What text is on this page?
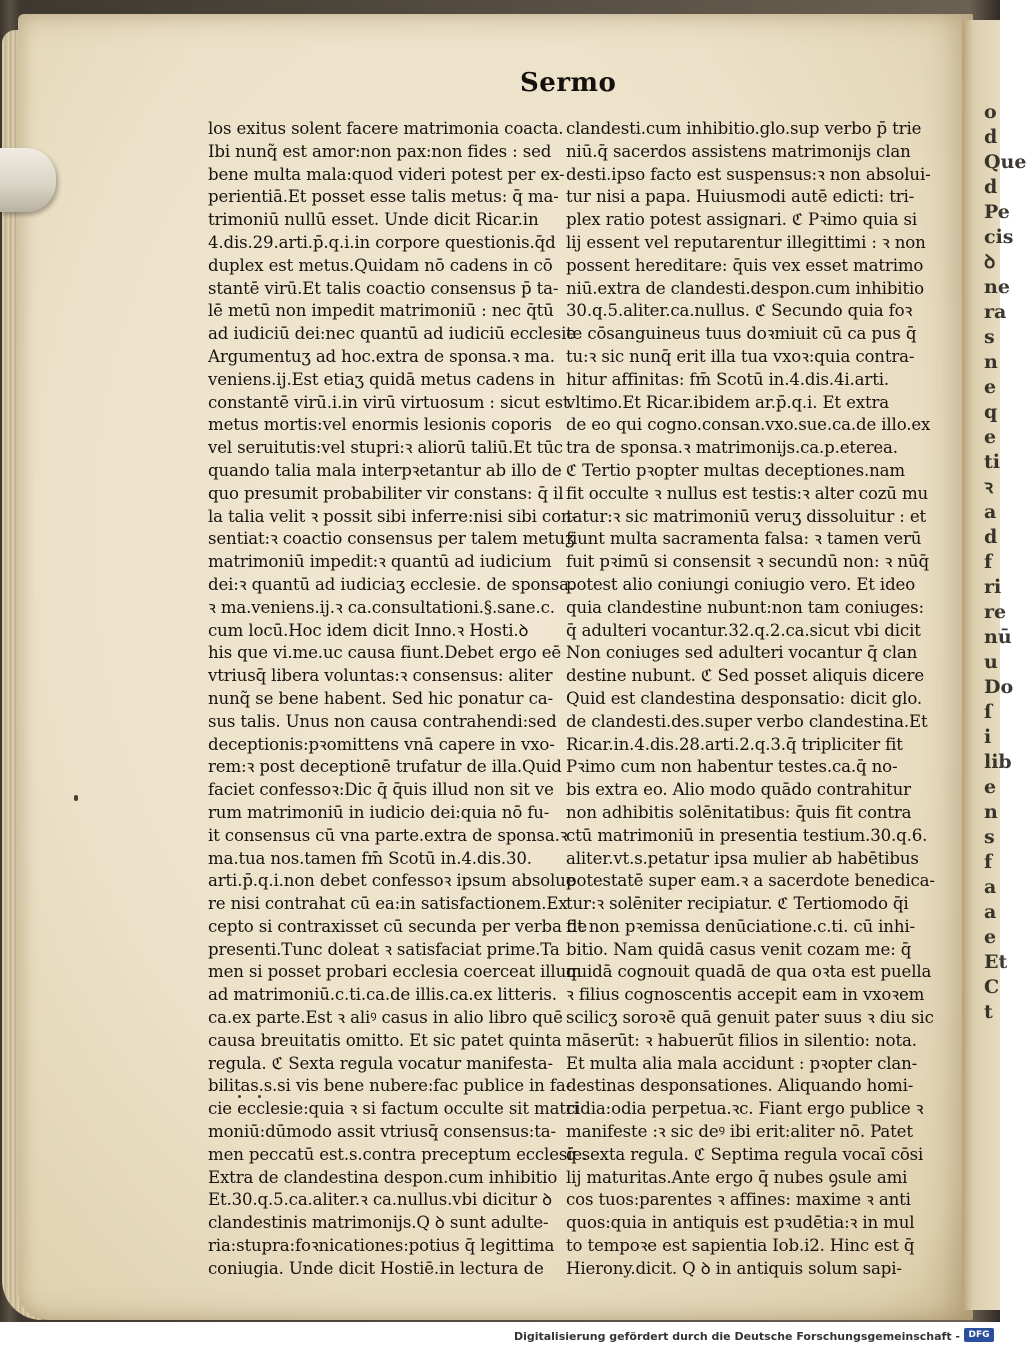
o
d
Que
d
Pe
cis
ꝺ
ne
ra
s
n
e
q
e
ti
ꝛ
a
d
f
ri
re
nū
u
Do
ſ
i
lib
e
n
s
f
a
a
e
Et
C
t
Sermo
los exitus solent facere matrimonia coacta.
Ibi nunq̃ est amor:non pax:non fides : sed
bene multa mala:quod videri potest per ex-
perientiā.Et posset esse talis metus: q̄ ma-
trimoniū nullū esset. Unde dicit Ricar.in
4.dis.29.arti.p̄.q.i.in corpore questionis.q̄d
duplex est metus.Quidam nō cadens in cō
stantē virū.Et talis coactio consensus p̄ ta-
lē metū non impedit matrimoniū : nec q̄tū
ad iudiciū dei:nec quantū ad iudiciū ecclesie
Argumentuʒ ad hoc.extra de sponsa.ꝛ ma.
veniens.ij.Est etiaʒ quidā metus cadens in
constantē virū.i.in virū virtuosum : sicut est
metus mortis:vel enormis lesionis coporis
vel seruitutis:vel stupri:ꝛ aliorū taliū.Et tūc
quando talia mala interpꝛetantur ab illo de
quo presumit probabiliter vir constans: q̄ il
la talia velit ꝛ possit sibi inferre:nisi sibi con-
sentiat:ꝛ coactio consensus per talem metuʒ
matrimoniū impedit:ꝛ quantū ad iudicium
dei:ꝛ quantū ad iudiciaʒ ecclesie. de sponsa.
ꝛ ma.veniens.ij.ꝛ ca.consultationi.§.sane.c.
cum locū.Hoc idem dicit Inno.ꝛ Hosti.ꝺ
his que vi.me.uc causa fiunt.Debet ergo eē
vtriusq̄ libera voluntas:ꝛ consensus: aliter
nunq̃ se bene habent. Sed hic ponatur ca-
sus talis. Unus non causa contrahendi:sed
deceptionis:pꝛomittens vnā capere in vxo-
rem:ꝛ post deceptionē trufatur de illa.Quid
faciet confessoꝛ:Dic q̄ q̄uis illud non sit ve
rum matrimoniū in iudicio dei:quia nō fu-
it consensus cū vna parte.extra de sponsa.ꝛ
ma.tua nos.tamen fm̄ Scotū in.4.dis.30.
arti.p̄.q.i.non debet confessoꝛ ipsum absolue
re nisi contrahat cū ea:in satisfactionem.Ex
cepto si contraxisset cū secunda per verba de
presenti.Tunc doleat ꝛ satisfaciat prime.Ta
men si posset probari ecclesia coerceat illum
ad matrimoniū.c.ti.ca.de illis.ca.ex litteris.
ca.ex parte.Est ꝛ aliꝰ casus in alio libro quē
causa breuitatis omitto. Et sic patet quinta
regula. ℭ Sexta regula vocatur manifesta-
bilitas.s.si vis bene nubere:fac publice in fa-
cie ecclesie:quia ꝛ si factum occulte sit matri
moniū:dūmodo assit vtriusq̄ consensus:ta-
men peccatū est.s.contra preceptum ecclesie.
Extra de clandestina despon.cum inhibitio
Et.30.q.5.ca.aliter.ꝛ ca.nullus.vbi dicitur ꝺ
clandestinis matrimonijs.Q ꝺ sunt adulte-
ria:stupra:foꝛnicationes:potius q̄ legittima
coniugia. Unde dicit Hostiē.in lectura de
clandesti.cum inhibitio.glo.sup verbo p̄ trie
niū.q̄ sacerdos assistens matrimonijs clan
desti.ipso facto est suspensus:ꝛ non absolui-
tur nisi a papa. Huiusmodi autē edicti: tri-
plex ratio potest assignari. ℭ Pꝛimo quia si
lij essent vel reputarentur illegittimi : ꝛ non
possent hereditare: q̄uis vex esset matrimo
niū.extra de clandesti.despon.cum inhibitio
30.q.5.aliter.ca.nullus. ℭ Secundo quia foꝛ
te cōsanguineus tuus doꝛmiuit cū ca pus q̄
tu:ꝛ sic nunq̄ erit illa tua vxoꝛ:quia contra-
hitur affinitas: fm̄ Scotū in.4.dis.4i.arti.
vltimo.Et Ricar.ibidem ar.p̄.q.i. Et extra
de eo qui cogno.consan.vxo.sue.ca.de illo.ex
tra de sponsa.ꝛ matrimonijs.ca.p.eterea.
ℭ Tertio pꝛopter multas deceptiones.nam
fit occulte ꝛ nullus est testis:ꝛ alter cozū mu
tatur:ꝛ sic matrimoniū veruʒ dissoluitur : et
fiunt multa sacramenta falsa: ꝛ tamen verū
fuit pꝛimū si consensit ꝛ secundū non: ꝛ nūq̄
potest alio coniungi coniugio vero. Et ideo
quia clandestine nubunt:non tam coniuges:
q̄ adulteri vocantur.32.q.2.ca.sicut vbi dicit
Non coniuges sed adulteri vocantur q̄ clan
destine nubunt. ℭ Sed posset aliquis dicere
Quid est clandestina desponsatio: dicit glo.
de clandesti.des.super verbo clandestina.Et
Ricar.in.4.dis.28.arti.2.q.3.q̄ tripliciter fit
Pꝛimo cum non habentur testes.ca.q̄ no-
bis extra eo. Alio modo quādo contrahitur
non adhibitis solēnitatibus: q̄uis fit contra
ctū matrimoniū in presentia testium.30.q.6.
aliter.vt.s.petatur ipsa mulier ab habētibus
potestatē super eam.ꝛ a sacerdote benedica-
tur:ꝛ solēniter recipiatur. ℭ Tertiomodo q̄i
fit non pꝛemissa denūciatione.c.ti. cū inhi-
bitio. Nam quidā casus venit cozam me: q̄
quidā cognouit quadā de qua oꝛta est puella
ꝛ filius cognoscentis accepit eam in vxoꝛem
scilicʒ soroꝛē quā genuit pater suus ꝛ diu sic
māserūt: ꝛ habuerūt filios in silentio: nota.
Et multa alia mala accidunt : pꝛopter clan-
destinas desponsationes. Aliquando homi-
cidia:odia perpetua.ꝛc. Fiant ergo publice ꝛ
manifeste :ꝛ sic deꝰ ibi erit:aliter nō. Patet
q̄ sexta regula. ℭ Septima regula vocaī cōsi
lij maturitas.Ante ergo q̄ nubes ꝯsule ami
cos tuos:parentes ꝛ affines: maxime ꝛ anti
quos:quia in antiquis est pꝛudētia:ꝛ in mul
to tempoꝛe est sapientia Iob.i2. Hinc est q̄
Hierony.dicit. Q ꝺ in antiquis solum sapi-
Digitalisierung gefördert durch die Deutsche Forschungsgemeinschaft - DFG
